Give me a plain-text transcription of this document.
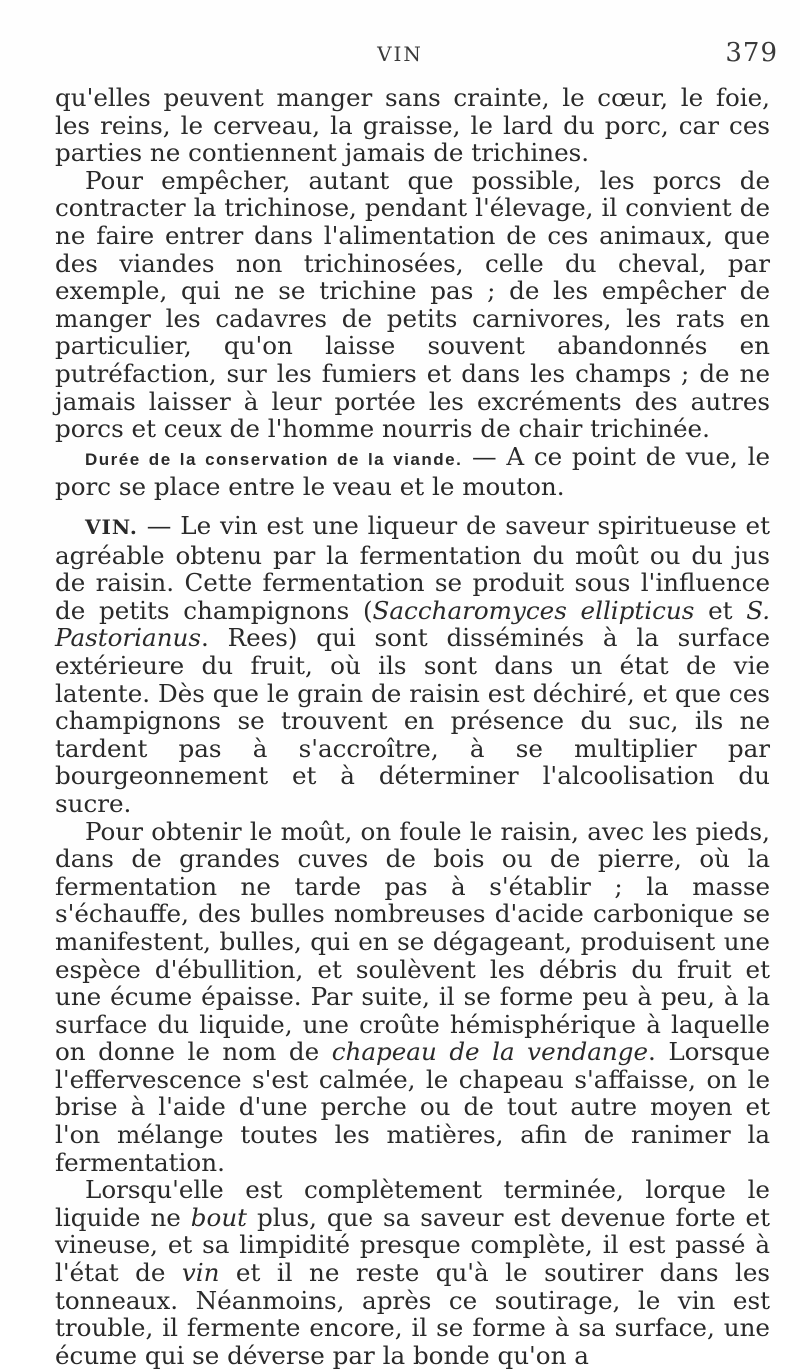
VIN	379

qu'elles peuvent manger sans crainte, le cœur, le foie, les reins, le cerveau, la graisse, le lard du porc, car ces parties ne contiennent jamais de trichines.

Pour empêcher, autant que possible, les porcs de contracter la trichinose, pendant l'élevage, il convient de ne faire entrer dans l'alimentation de ces animaux, que des viandes non trichinosées, celle du cheval, par exemple, qui ne se trichine pas ; de les empêcher de manger les cadavres de petits carnivores, les rats en particulier, qu'on laisse souvent abandonnés en putréfaction, sur les fumiers et dans les champs ; de ne jamais laisser à leur portée les excréments des autres porcs et ceux de l'homme nourris de chair trichinée.

Durée de la conservation de la viande. — A ce point de vue, le porc se place entre le veau et le mouton.

VIN. — Le vin est une liqueur de saveur spiritueuse et agréable obtenu par la fermentation du moût ou du jus de raisin. Cette fermentation se produit sous l'influence de petits champignons (Saccharomyces ellipticus et S. Pastorianus. Rees) qui sont disséminés à la surface extérieure du fruit, où ils sont dans un état de vie latente. Dès que le grain de raisin est déchiré, et que ces champignons se trouvent en présence du suc, ils ne tardent pas à s'accroître, à se multiplier par bourgeonnement et à déterminer l'alcoolisation du sucre.

Pour obtenir le moût, on foule le raisin, avec les pieds, dans de grandes cuves de bois ou de pierre, où la fermentation ne tarde pas à s'établir ; la masse s'échauffe, des bulles nombreuses d'acide carbonique se manifestent, bulles, qui en se dégageant, produisent une espèce d'ébullition, et soulèvent les débris du fruit et une écume épaisse. Par suite, il se forme peu à peu, à la surface du liquide, une croûte hémisphérique à laquelle on donne le nom de chapeau de la vendange. Lorsque l'effervescence s'est calmée, le chapeau s'affaisse, on le brise à l'aide d'une perche ou de tout autre moyen et l'on mélange toutes les matières, afin de ranimer la fermentation.

Lorsqu'elle est complètement terminée, lorque le liquide ne bout plus, que sa saveur est devenue forte et vineuse, et sa limpidité presque complète, il est passé à l'état de vin et il ne reste qu'à le soutirer dans les tonneaux. Néanmoins, après ce soutirage, le vin est trouble, il fermente encore, il se forme à sa surface, une écume qui se déverse par la bonde qu'on a
